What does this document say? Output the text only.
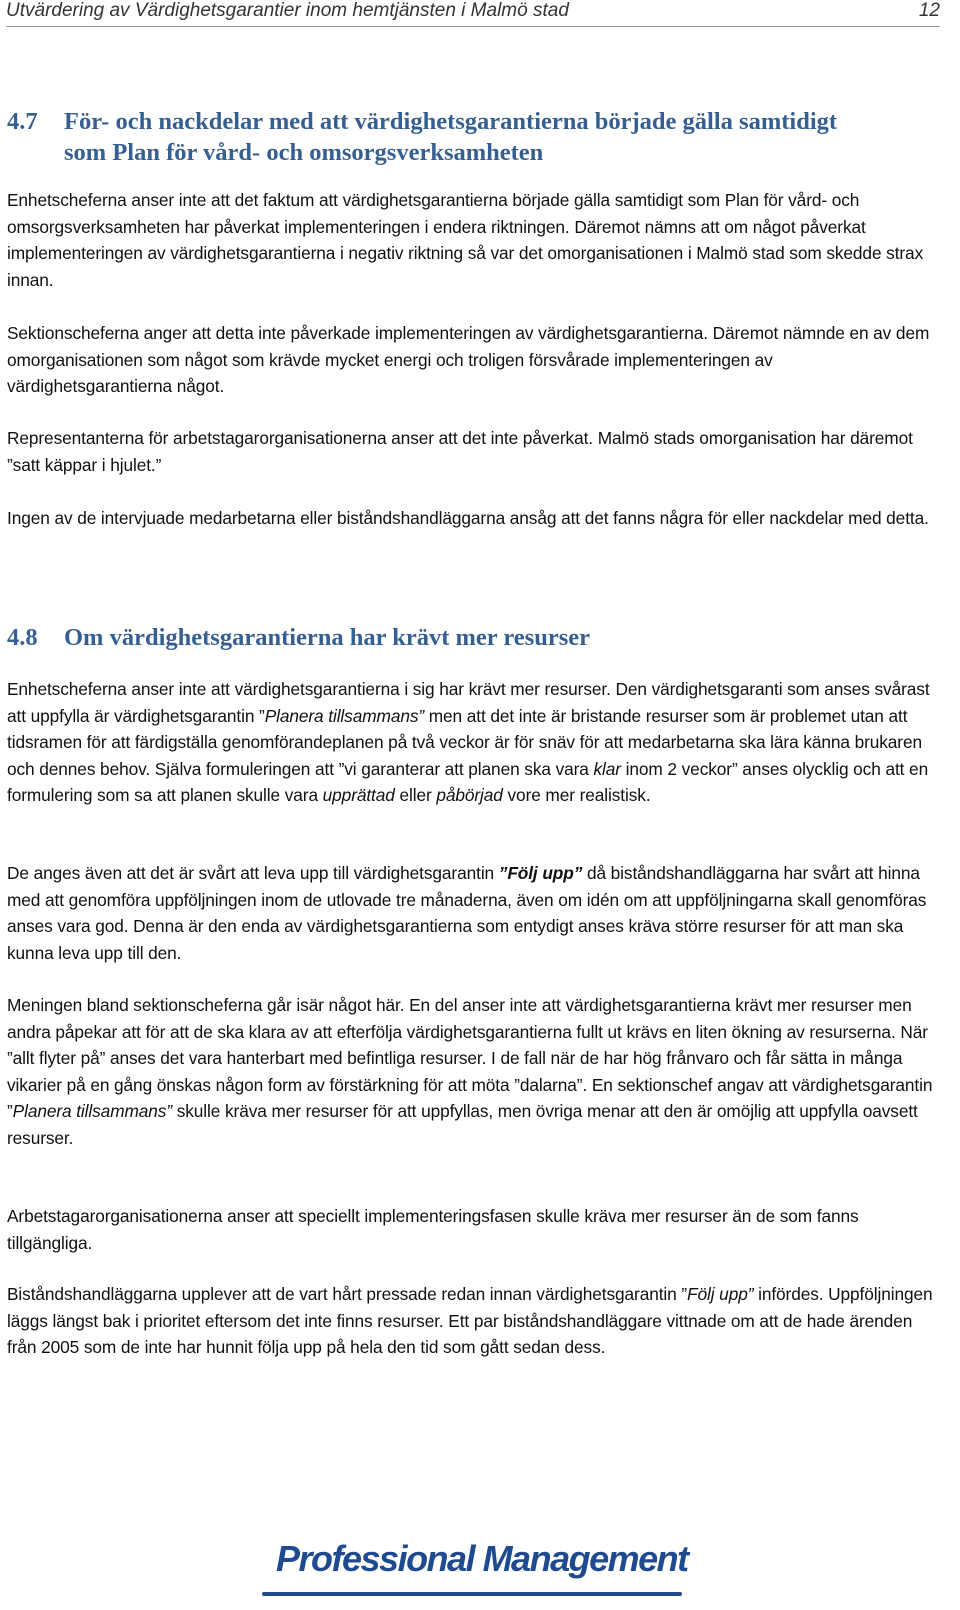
Utvärdering av Värdighetsgarantier inom hemtjänsten i Malmö stad	12
4.7 För- och nackdelar med att värdighetsgarantierna började gälla samtidigt
som Plan för vård- och omsorgsverksamheten

Enhetscheferna anser inte att det faktum att värdighetsgarantierna började gälla samtidigt som Plan för vård- och omsorgsverksamheten har påverkat implementeringen i endera riktningen. Däremot nämns att om något påverkat implementeringen av värdighetsgarantierna i negativ riktning så var det omorganisationen i Malmö stad som skedde strax innan.

Sektionscheferna anger att detta inte påverkade implementeringen av värdighetsgarantierna. Däremot nämnde en av dem omorganisationen som något som krävde mycket energi och troligen försvårade implementeringen av värdighetsgarantierna något.

Representanterna för arbetstagarorganisationerna anser att det inte påverkat. Malmö stads omorganisation har däremot ”satt käppar i hjulet.”

Ingen av de intervjuade medarbetarna eller biståndshandläggarna ansåg att det fanns några för eller nackdelar med detta.

4.8 Om värdighetsgarantierna har krävt mer resurser

Enhetscheferna anser inte att värdighetsgarantierna i sig har krävt mer resurser. Den värdighetsgaranti som anses svårast att uppfylla är värdighetsgarantin ”Planera tillsammans” men att det inte är bristande resurser som är problemet utan att tidsramen för att färdigställa genomförandeplanen på två veckor är för snäv för att medarbetarna ska lära känna brukaren och dennes behov. Själva formuleringen att ”vi garanterar att planen ska vara klar inom 2 veckor” anses olycklig och att en formulering som sa att planen skulle vara upprättad eller påbörjad vore mer realistisk.

De anges även att det är svårt att leva upp till värdighetsgarantin ”Följ upp” då biståndshandläggarna har svårt att hinna med att genomföra uppföljningen inom de utlovade tre månaderna, även om idén om att uppföljningarna skall genomföras anses vara god. Denna är den enda av värdighetsgarantierna som entydigt anses kräva större resurser för att man ska kunna leva upp till den.

Meningen bland sektionscheferna går isär något här. En del anser inte att värdighetsgarantierna krävt mer resurser men andra påpekar att för att de ska klara av att efterfölja värdighetsgarantierna fullt ut krävs en liten ökning av resurserna. När ”allt flyter på” anses det vara hanterbart med befintliga resurser. I de fall när de har hög frånvaro och får sätta in många vikarier på en gång önskas någon form av förstärkning för att möta ”dalarna”. En sektionschef angav att värdighetsgarantin ”Planera tillsammans” skulle kräva mer resurser för att uppfyllas, men övriga menar att den är omöjlig att uppfylla oavsett resurser.

Arbetstagarorganisationerna anser att speciellt implementeringsfasen skulle kräva mer resurser än de som fanns tillgängliga.

Biståndshandläggarna upplever att de vart hårt pressade redan innan värdighetsgarantin ”Följ upp” infördes. Uppföljningen läggs längst bak i prioritet eftersom det inte finns resurser. Ett par biståndshandläggare vittnade om att de hade ärenden från 2005 som de inte har hunnit följa upp på hela den tid som gått sedan dess.

Professional Management
